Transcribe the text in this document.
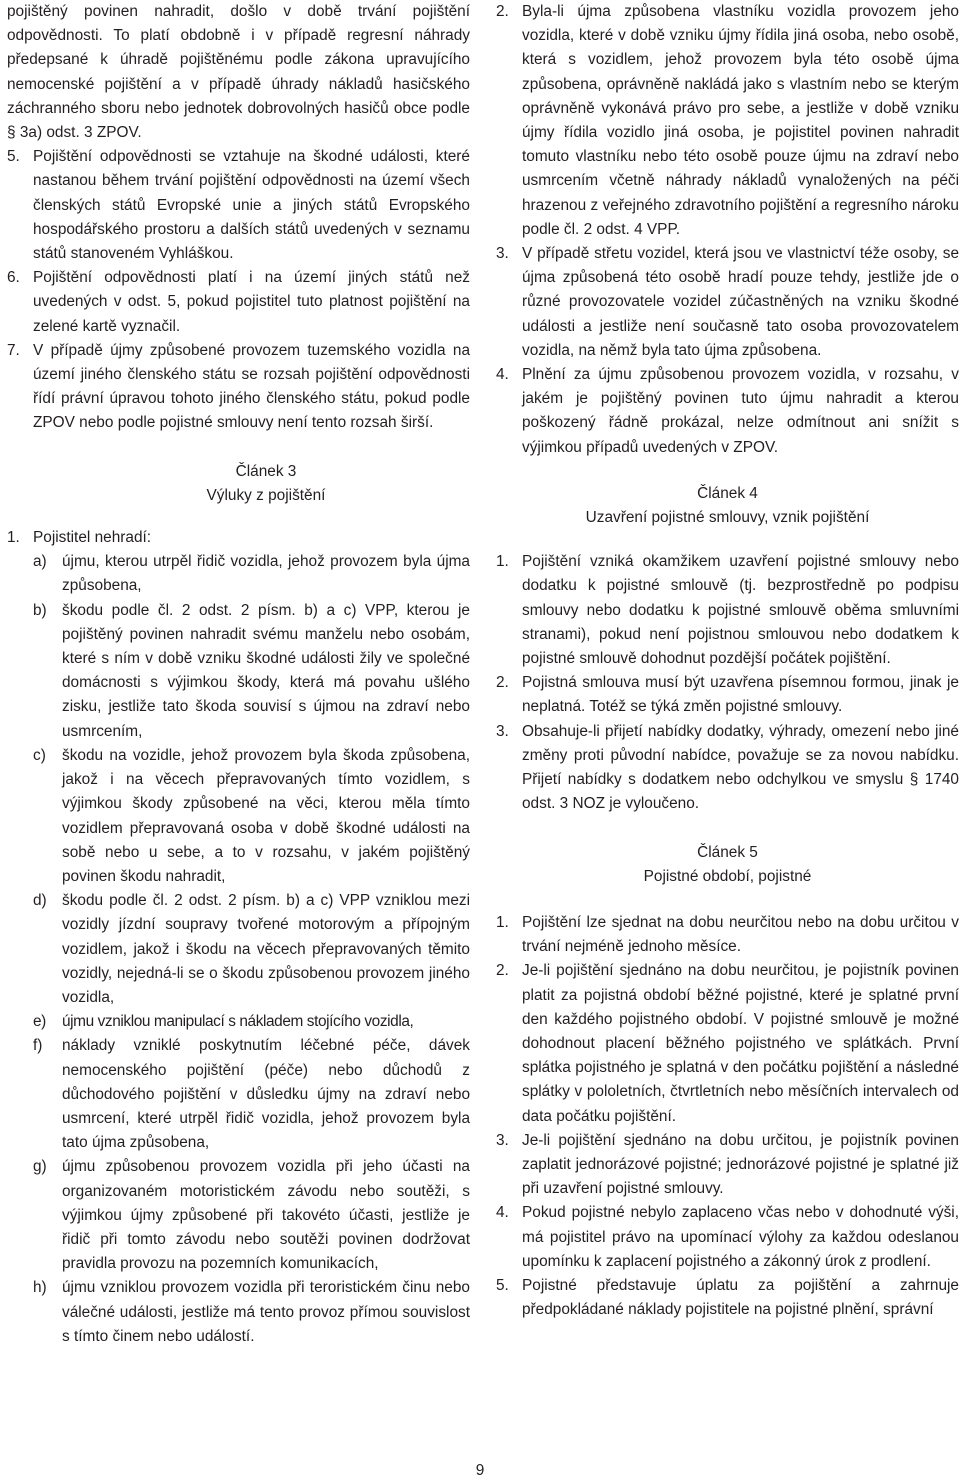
pojištěný povinen nahradit, došlo v době trvání pojištění odpovědnosti. To platí obdobně i v případě regresní náhrady předepsané k úhradě pojištěnému podle zákona upravujícího nemocenské pojištění a v případě úhrady nákladů hasičského záchranného sboru nebo jednotek dobrovolných hasičů obce podle § 3a) odst. 3 ZPOV.

5. Pojištění odpovědnosti se vztahuje na škodné události, které nastanou během trvání pojištění odpovědnosti na území všech členských států Evropské unie a jiných států Evropského hospodářského prostoru a dalších států uvedených v seznamu států stanoveném Vyhláškou.
6. Pojištění odpovědnosti platí i na území jiných států než uvedených v odst. 5, pokud pojistitel tuto platnost pojištění na zelené kartě vyznačil.
7. V případě újmy způsobené provozem tuzemského vozidla na území jiného členského státu se rozsah pojištění odpovědnosti řídí právní úpravou tohoto jiného členského státu, pokud podle ZPOV nebo podle pojistné smlouvy není tento rozsah širší.
Článek 3
Výluky z pojištění
1. Pojistitel nehradí:
a) újmu, kterou utrpěl řidič vozidla, jehož provozem byla újma způsobena,
b) škodu podle čl. 2 odst. 2 písm. b) a c) VPP, kterou je pojištěný povinen nahradit svému manželu nebo osobám, které s ním v době vzniku škodné události žily ve společné domácnosti s výjimkou škody, která má povahu ušlého zisku, jestliže tato škoda souvisí s újmou na zdraví nebo usmrcením,
c) škodu na vozidle, jehož provozem byla škoda způsobena, jakož i na věcech přepravovaných tímto vozidlem, s výjimkou škody způsobené na věci, kterou měla tímto vozidlem přepravovaná osoba v době škodné události na sobě nebo u sebe, a to v rozsahu, v jakém pojištěný povinen škodu nahradit,
d) škodu podle čl. 2 odst. 2 písm. b) a c) VPP vzniklou mezi vozidly jízdní soupravy tvořené motorovým a přípojným vozidlem, jakož i škodu na věcech přepravovaných těmito vozidly, nejedná-li se o škodu způsobenou provozem jiného vozidla,
e) újmu vzniklou manipulací s nákladem stojícího vozidla,
f) náklady vzniklé poskytnutím léčebné péče, dávek nemocenského pojištění (péče) nebo důchodů z důchodového pojištění v důsledku újmy na zdraví nebo usmrcení, které utrpěl řidič vozidla, jehož provozem byla tato újma způsobena,
g) újmu způsobenou provozem vozidla při jeho účasti na organizovaném motoristickém závodu nebo soutěži, s výjimkou újmy způsobené při takovéto účasti, jestliže je řidič při tomto závodu nebo soutěži povinen dodržovat pravidla provozu na pozemních komunikacích,
h) újmu vzniklou provozem vozidla při teroristickém činu nebo válečné události, jestliže má tento provoz přímou souvislost s tímto činem nebo událostí.
2. Byla-li újma způsobena vlastníku vozidla provozem jeho vozidla, které v době vzniku újmy řídila jiná osoba, nebo osobě, která s vozidlem, jehož provozem byla této osobě újma způsobena, oprávněně nakládá jako s vlastním nebo se kterým oprávněně vykonává právo pro sebe, a jestliže v době vzniku újmy řídila vozidlo jiná osoba, je pojistitel povinen nahradit tomuto vlastníku nebo této osobě pouze újmu na zdraví nebo usmrcením včetně náhrady nákladů vynaložených na péči hrazenou z veřejného zdravotního pojištění a regresního nároku podle čl. 2 odst. 4 VPP.
3. V případě střetu vozidel, která jsou ve vlastnictví téže osoby, se újma způsobená této osobě hradí pouze tehdy, jestliže jde o různé provozovatele vozidel zúčastněných na vzniku škodné události a jestliže není současně tato osoba provozovatelem vozidla, na němž byla tato újma způsobena.
4. Plnění za újmu způsobenou provozem vozidla, v rozsahu, v jakém je pojištěný povinen tuto újmu nahradit a kterou poškozený řádně prokázal, nelze odmítnout ani snížit s výjimkou případů uvedených v ZPOV.
Článek 4
Uzavření pojistné smlouvy, vznik pojištění
1. Pojištění vzniká okamžikem uzavření pojistné smlouvy nebo dodatku k pojistné smlouvě (tj. bezprostředně po podpisu smlouvy nebo dodatku k pojistné smlouvě oběma smluvními stranami), pokud není pojistnou smlouvou nebo dodatkem k pojistné smlouvě dohodnut pozdější počátek pojištění.
2. Pojistná smlouva musí být uzavřena písemnou formou, jinak je neplatná. Totéž se týká změn pojistné smlouvy.
3. Obsahuje-li přijetí nabídky dodatky, výhrady, omezení nebo jiné změny proti původní nabídce, považuje se za novou nabídku. Přijetí nabídky s dodatkem nebo odchylkou ve smyslu § 1740 odst. 3 NOZ je vyloučeno.
Článek 5
Pojistné období, pojistné
1. Pojištění lze sjednat na dobu neurčitou nebo na dobu určitou v trvání nejméně jednoho měsíce.
2. Je-li pojištění sjednáno na dobu neurčitou, je pojistník povinen platit za pojistná období běžné pojistné, které je splatné první den každého pojistného období. V pojistné smlouvě je možné dohodnout placení běžného pojistného ve splátkách. První splátka pojistného je splatná v den počátku pojištění a následné splátky v pololetních, čtvrtletních nebo měsíčních intervalech od data počátku pojištění.
3. Je-li pojištění sjednáno na dobu určitou, je pojistník povinen zaplatit jednorázové pojistné; jednorázové pojistné je splatné již při uzavření pojistné smlouvy.
4. Pokud pojistné nebylo zaplaceno včas nebo v dohodnuté výši, má pojistitel právo na upomínací výlohy za každou odeslanou upomínku k zaplacení pojistného a zákonný úrok z prodlení.
5. Pojistné představuje úplatu za pojištění a zahrnuje předpokládané náklady pojistitele na pojistné plnění, správní
9
